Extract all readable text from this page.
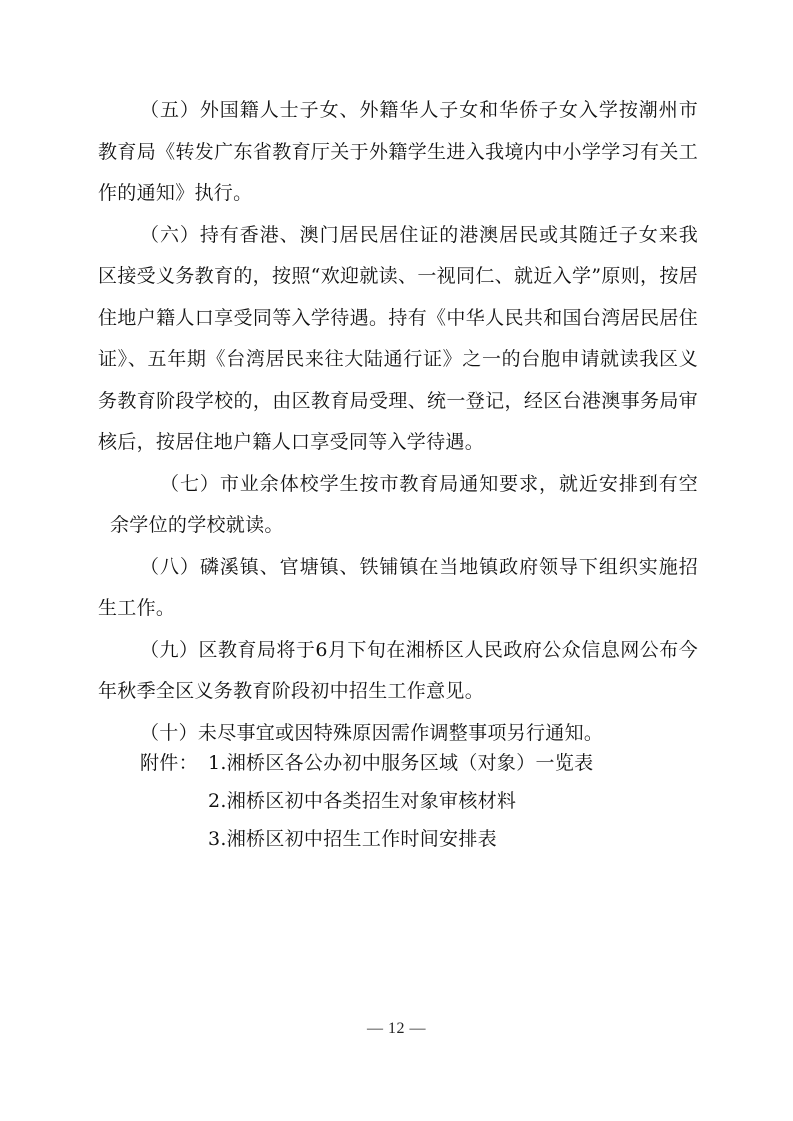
（五）外国籍人士子女、外籍华人子女和华侨子女入学按潮州市教育局《转发广东省教育厅关于外籍学生进入我境内中小学学习有关工作的通知》执行。

（六）持有香港、澳门居民居住证的港澳居民或其随迁子女来我区接受义务教育的，按照“欢迎就读、一视同仁、就近入学”原则，按居住地户籍人口享受同等入学待遇。持有《中华人民共和国台湾居民居住证》、五年期《台湾居民来往大陆通行证》之一的台胞申请就读我区义务教育阶段学校的，由区教育局受理、统一登记，经区台港澳事务局审核后，按居住地户籍人口享受同等入学待遇。

（七）市业余体校学生按市教育局通知要求，就近安排到有空余学位的学校就读。

（八）磷溪镇、官塘镇、铁铺镇在当地镇政府领导下组织实施招生工作。

（九）区教育局将于6月下旬在湘桥区人民政府公众信息网公布今年秋季全区义务教育阶段初中招生工作意见。

（十）未尽事宜或因特殊原因需作调整事项另行通知。

附件： 1.湘桥区各公办初中服务区域（对象）一览表
2.湘桥区初中各类招生对象审核材料
3.湘桥区初中招生工作时间安排表
— 12 —
